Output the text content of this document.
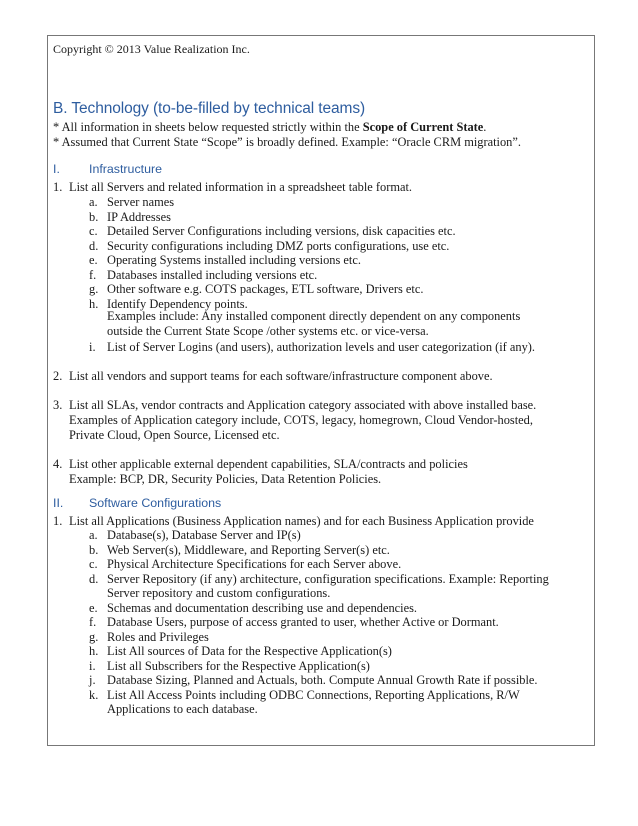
Copyright © 2013 Value Realization Inc.
B. Technology (to-be-filled by technical teams)
* All information in sheets below requested strictly within the Scope of Current State.
* Assumed that Current State “Scope” is broadly defined. Example: “Oracle CRM migration”.
I. Infrastructure
1. List all Servers and related information in a spreadsheet table format.
a. Server names
b. IP Addresses
c. Detailed Server Configurations including versions, disk capacities etc.
d. Security configurations including DMZ ports configurations, use etc.
e. Operating Systems installed including versions etc.
f. Databases installed including versions etc.
g. Other software e.g. COTS packages, ETL software, Drivers etc.
h. Identify Dependency points.
Examples include: Any installed component directly dependent on any components
outside the Current State Scope /other systems etc. or vice-versa.
i. List of Server Logins (and users), authorization levels and user categorization (if any).
2. List all vendors and support teams for each software/infrastructure component above.
3. List all SLAs, vendor contracts and Application category associated with above installed base.
Examples of Application category include, COTS, legacy, homegrown, Cloud Vendor-hosted,
Private Cloud, Open Source, Licensed etc.
4. List other applicable external dependent capabilities, SLA/contracts and policies
Example: BCP, DR, Security Policies, Data Retention Policies.
II. Software Configurations
1. List all Applications (Business Application names) and for each Business Application provide
a. Database(s), Database Server and IP(s)
b. Web Server(s), Middleware, and Reporting Server(s) etc.
c. Physical Architecture Specifications for each Server above.
d. Server Repository (if any) architecture, configuration specifications. Example: Reporting
Server repository and custom configurations.
e. Schemas and documentation describing use and dependencies.
f. Database Users, purpose of access granted to user, whether Active or Dormant.
g. Roles and Privileges
h. List All sources of Data for the Respective Application(s)
i. List all Subscribers for the Respective Application(s)
j. Database Sizing, Planned and Actuals, both. Compute Annual Growth Rate if possible.
k. List All Access Points including ODBC Connections, Reporting Applications, R/W
Applications to each database.
